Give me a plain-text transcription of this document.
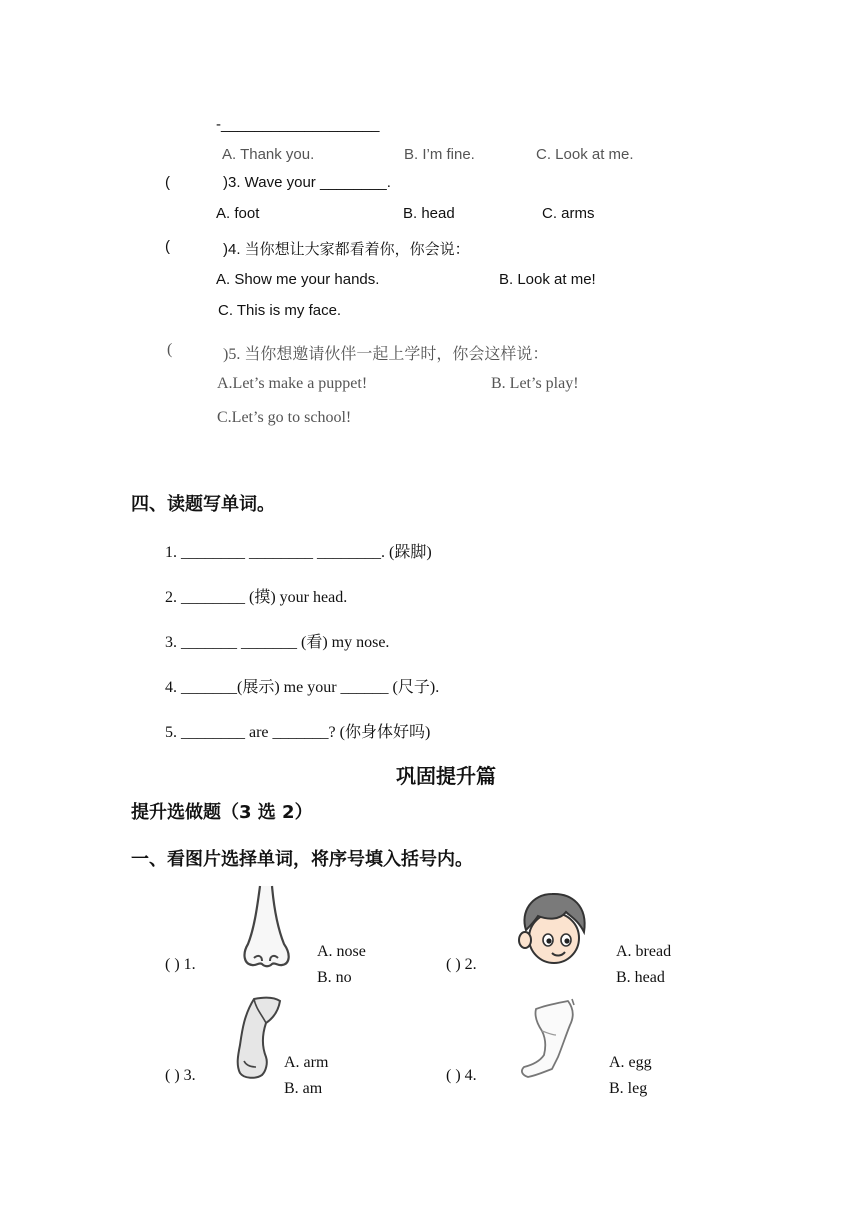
-___________________
A. Thank you.	B. I’m fine.	C. Look at me.
(	)3. Wave your ________.
A. foot	B. head	C. arms
(	)4. 当你想让大家都看着你，你会说：
A. Show me your hands.	B. Look at me!
C. This is my face.
(	)5. 当你想邀请伙伴一起上学时，你会这样说：
A.Let’s make a puppet!	B. Let’s play!
C.Let’s go to school!
四、读题写单词。
1. ________ ________ ________. (跺脚)
2. ________ (摸) your head.
3. _______ _______ (看) my nose.
4. _______(展示) me your ______ (尺子).
5. ________ are _______? (你身体好吗)
巩固提升篇
提升选做题（3 选 2）
一、看图片选择单词，将序号填入括号内。
( ) 1.
A. nose
B. no
( ) 2.
A. bread
B. head
( ) 3.
A. arm
B. am
( ) 4.
A. egg
B. leg
